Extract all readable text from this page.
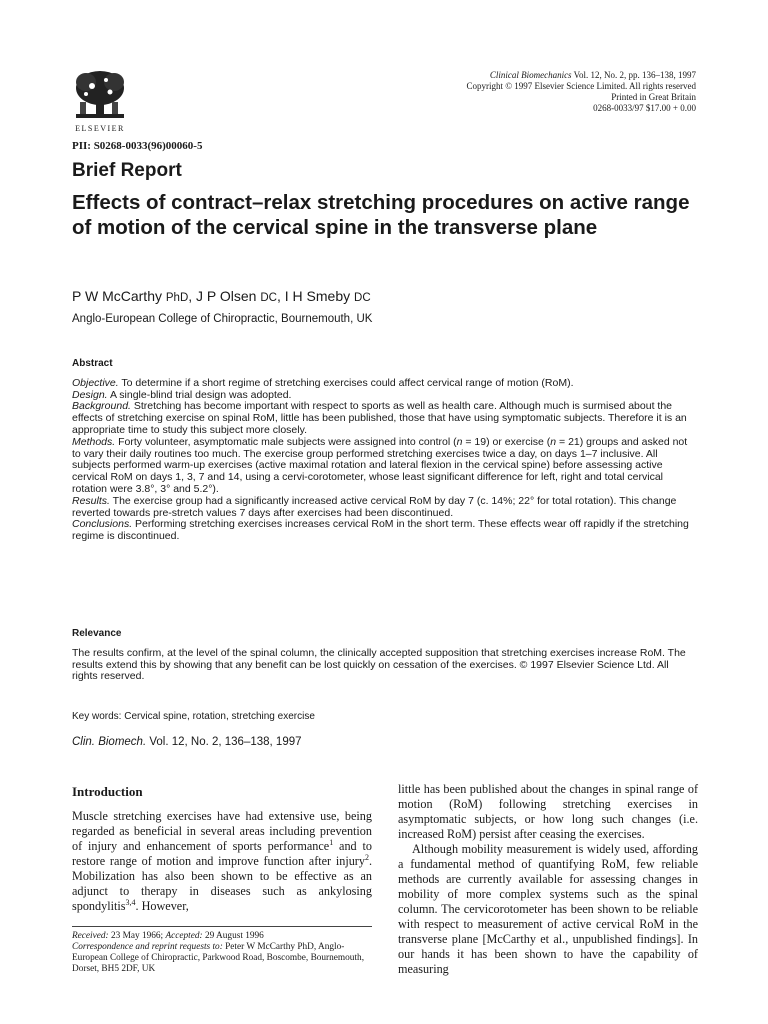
ELSEVIER
Clinical Biomechanics Vol. 12, No. 2, pp. 136–138, 1997
Copyright © 1997 Elsevier Science Limited. All rights reserved
Printed in Great Britain
0268-0033/97 $17.00 + 0.00
PII: S0268-0033(96)00060-5
Brief Report
Effects of contract–relax stretching procedures on active range of motion of the cervical spine in the transverse plane
P W McCarthy PhD, J P Olsen DC, I H Smeby DC
Anglo-European College of Chiropractic, Bournemouth, UK
Abstract

Objective. To determine if a short regime of stretching exercises could affect cervical range of motion (RoM).

Design. A single-blind trial design was adopted.

Background. Stretching has become important with respect to sports as well as health care. Although much is surmised about the effects of stretching exercise on spinal RoM, little has been published, those that have using symptomatic subjects. Therefore it is an appropriate time to study this subject more closely.

Methods. Forty volunteer, asymptomatic male subjects were assigned into control (n = 19) or exercise (n = 21) groups and asked not to vary their daily routines too much. The exercise group performed stretching exercises twice a day, on days 1–7 inclusive. All subjects performed warm-up exercises (active maximal rotation and lateral flexion in the cervical spine) before assessing active cervical RoM on days 1, 3, 7 and 14, using a cervi-corotometer, whose least significant difference for left, right and total cervical rotation were 3.8°, 3° and 5.2°).

Results. The exercise group had a significantly increased active cervical RoM by day 7 (c. 14%; 22° for total rotation). This change reverted towards pre-stretch values 7 days after exercises had been discontinued.

Conclusions. Performing stretching exercises increases cervical RoM in the short term. These effects wear off rapidly if the stretching regime is discontinued.

Relevance

The results confirm, at the level of the spinal column, the clinically accepted supposition that stretching exercises increase RoM. The results extend this by showing that any benefit can be lost quickly on cessation of the exercises. © 1997 Elsevier Science Ltd. All rights reserved.

Key words: Cervical spine, rotation, stretching exercise
Clin. Biomech. Vol. 12, No. 2, 136–138, 1997
Introduction

Muscle stretching exercises have had extensive use, being regarded as beneficial in several areas including prevention of injury and enhancement of sports performance$^1$ and to restore range of motion and improve function after injury$^2$. Mobilization has also been shown to be effective as an adjunct to therapy in diseases such as ankylosing spondylitis$^{3,4}$. However,

Received: 23 May 1966; Accepted: 29 August 1996
Correspondence and reprint requests to: Peter W McCarthy PhD, Anglo-European College of Chiropractic, Parkwood Road, Boscombe, Bournemouth, Dorset, BH5 2DF, UK

little has been published about the changes in spinal range of motion (RoM) following stretching exercises in asymptomatic subjects, or how long such changes (i.e. increased RoM) persist after ceasing the exercises.

Although mobility measurement is widely used, affording a fundamental method of quantifying RoM, few reliable methods are currently available for assessing changes in mobility of more complex systems such as the spinal column. The cervicorotometer has been shown to be reliable with respect to measurement of active cervical RoM in the transverse plane [McCarthy et al., unpublished findings]. In our hands it has been shown to have the capability of measuring
